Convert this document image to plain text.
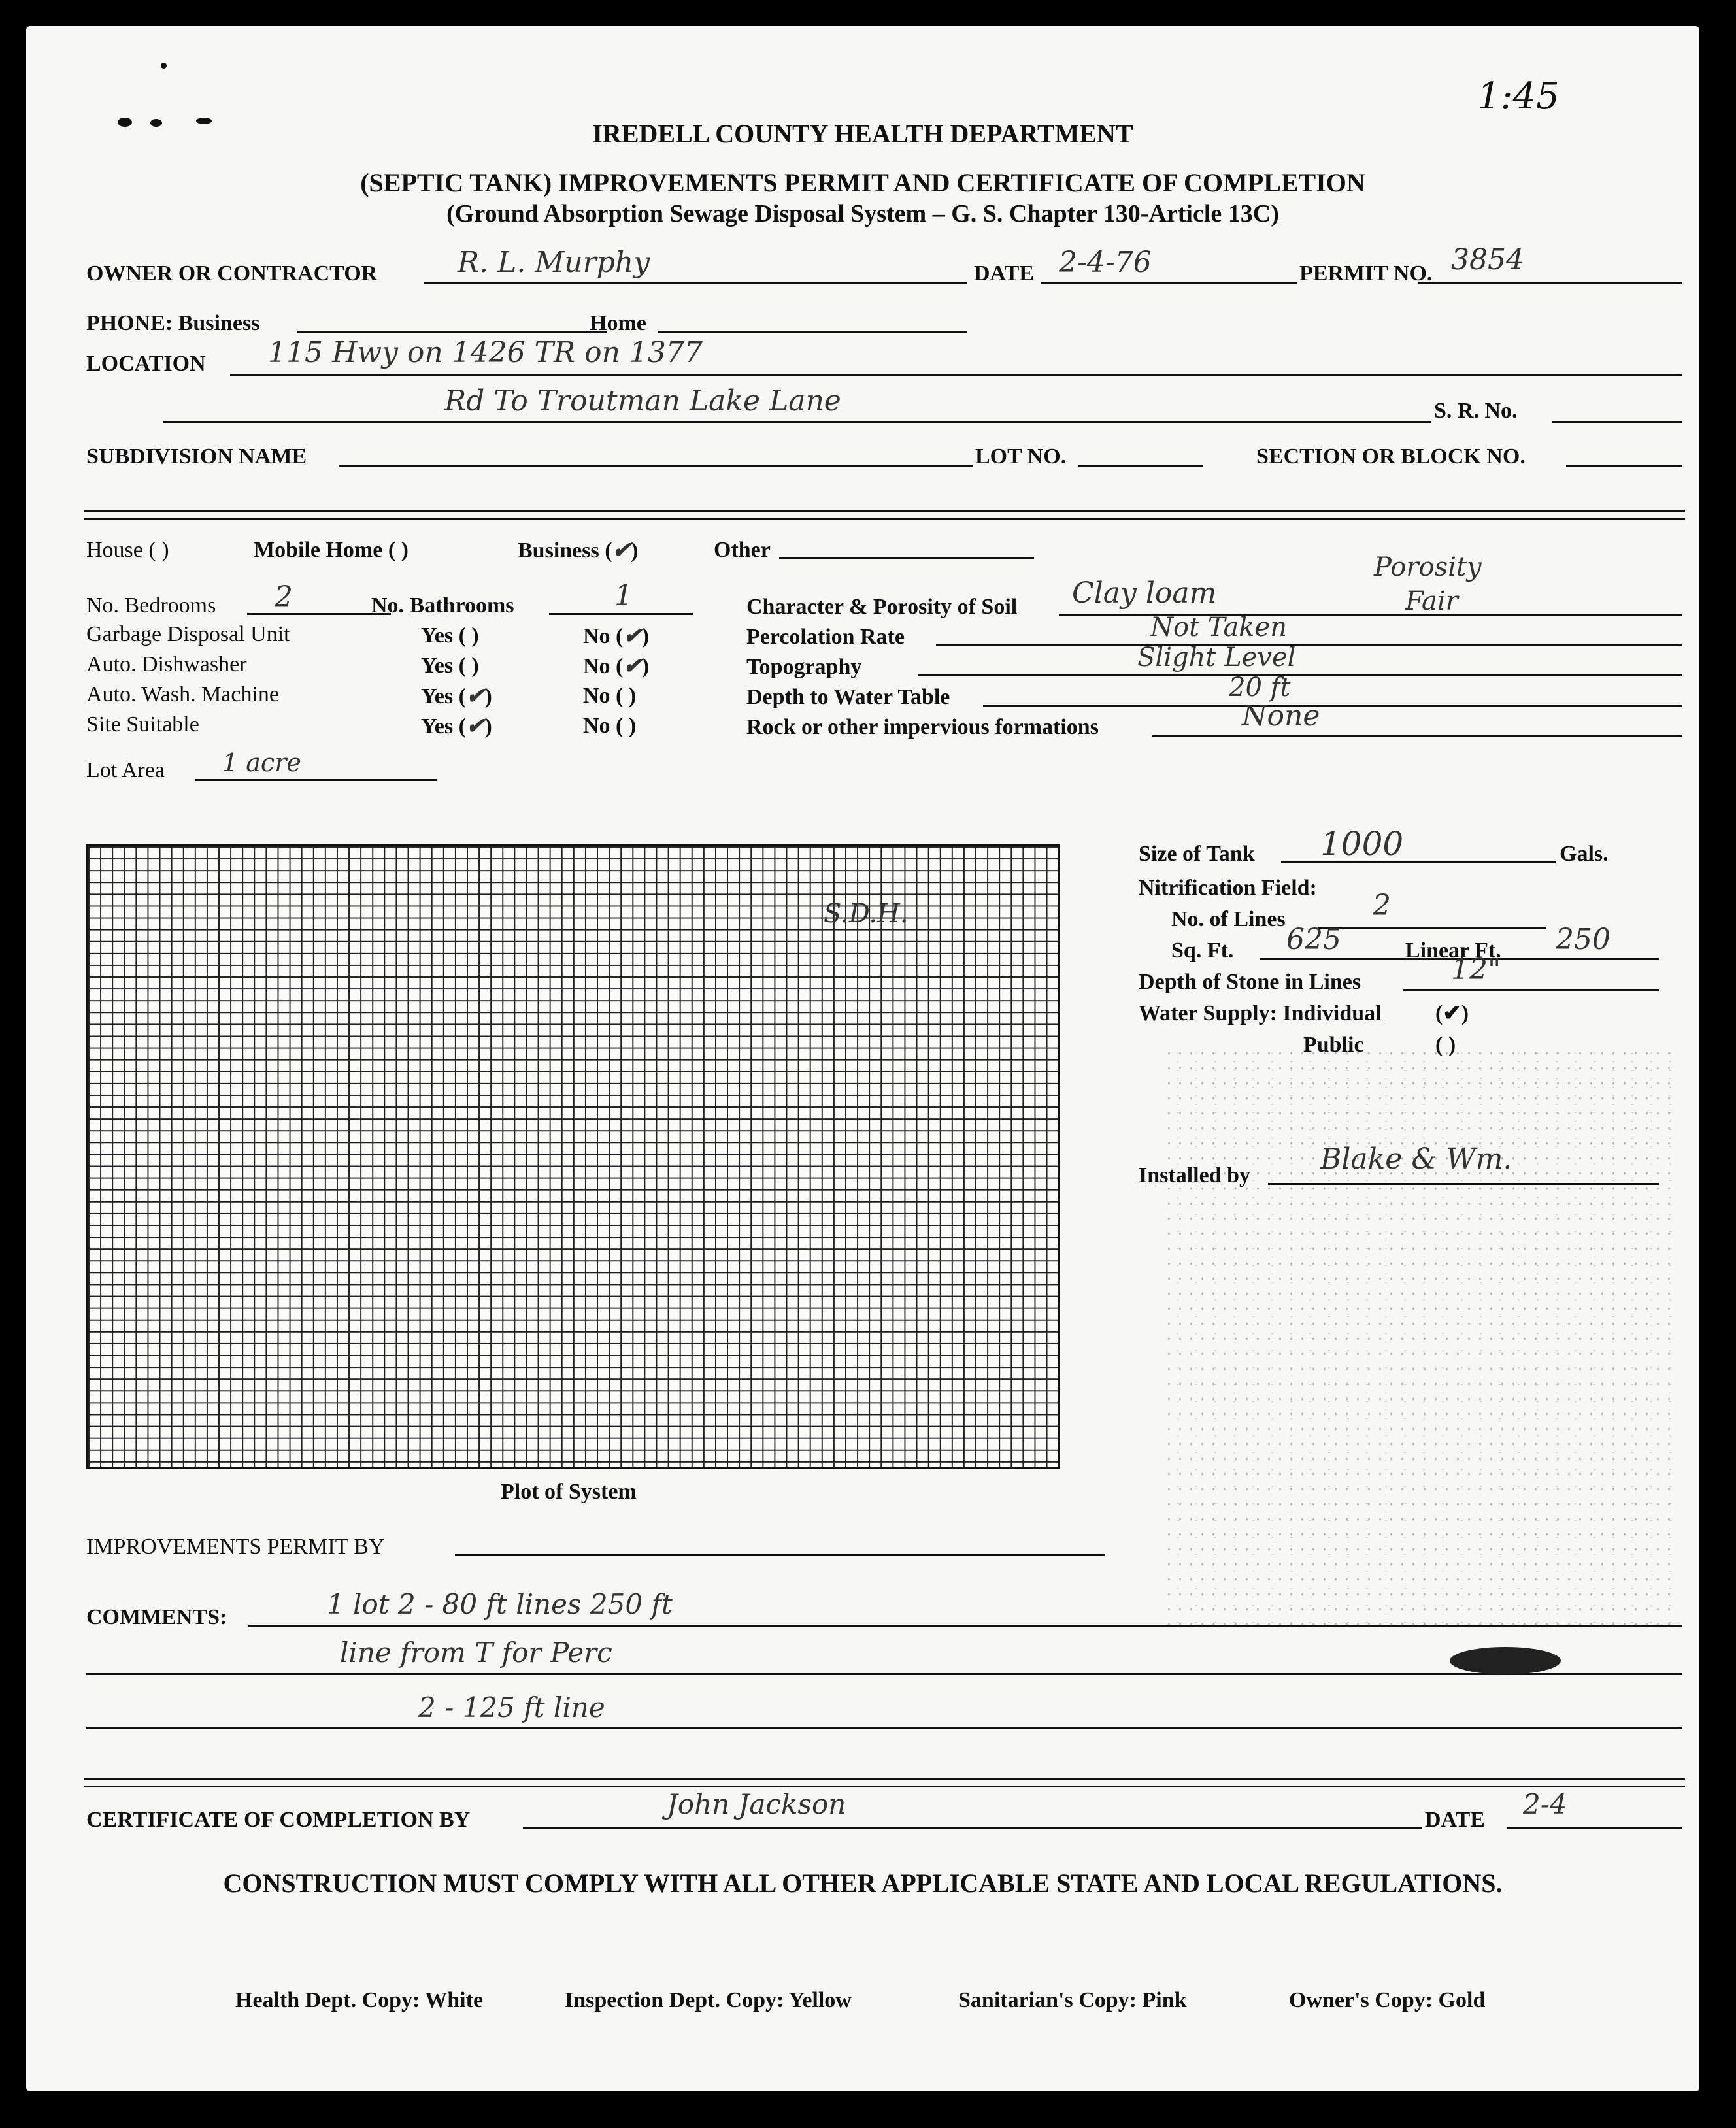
1:45
IREDELL COUNTY HEALTH DEPARTMENT
(SEPTIC TANK) IMPROVEMENTS PERMIT AND CERTIFICATE OF COMPLETION
(Ground Absorption Sewage Disposal System – G. S. Chapter 130-Article 13C)
OWNER OR CONTRACTOR	R. L. Murphy	DATE 2-4-76	PERMIT NO. 3854
PHONE: Business	Home
LOCATION 115 Hwy on 1426 TR on 1377
Rd To Troutman Lake Lane	S. R. No.
SUBDIVISION NAME	LOT NO.	SECTION OR BLOCK NO.
House ( )	Mobile Home ( )	Business (✔)	Other
No. Bedrooms 2	No. Bathrooms	1
Garbage Disposal Unit	Yes ( )	No (✔)
Auto. Dishwasher	Yes ( )	No (✔)
Auto. Wash. Machine	Yes (✔)	No ( )
Site Suitable	Yes (✔)	No ( )
Lot Area 1 acre
Porosity
Character & Porosity of Soil Clay loam	Fair
Percolation Rate	Not Taken
Topography	Slight Level
Depth to Water Table	20 ft
Rock or other impervious formations	None
S.D.H.
Plot of System
Size of Tank 1000	Gals.
Nitrification Field:
No. of Lines	2
Sq. Ft. 625	Linear Ft. 250
Depth of Stone in Lines	12"
Water Supply: Individual (✔)
Public	( )
Installed by Blake & Wm.
IMPROVEMENTS PERMIT BY
COMMENTS:	1 lot 2 - 80 ft lines 250 ft
line from T for Perc
2 - 125 ft line
CERTIFICATE OF COMPLETION BY	John Jackson	DATE 2-4
CONSTRUCTION MUST COMPLY WITH ALL OTHER APPLICABLE STATE AND LOCAL REGULATIONS.
Health Dept. Copy: White	Inspection Dept. Copy: Yellow	Sanitarian's Copy: Pink	Owner's Copy: Gold
